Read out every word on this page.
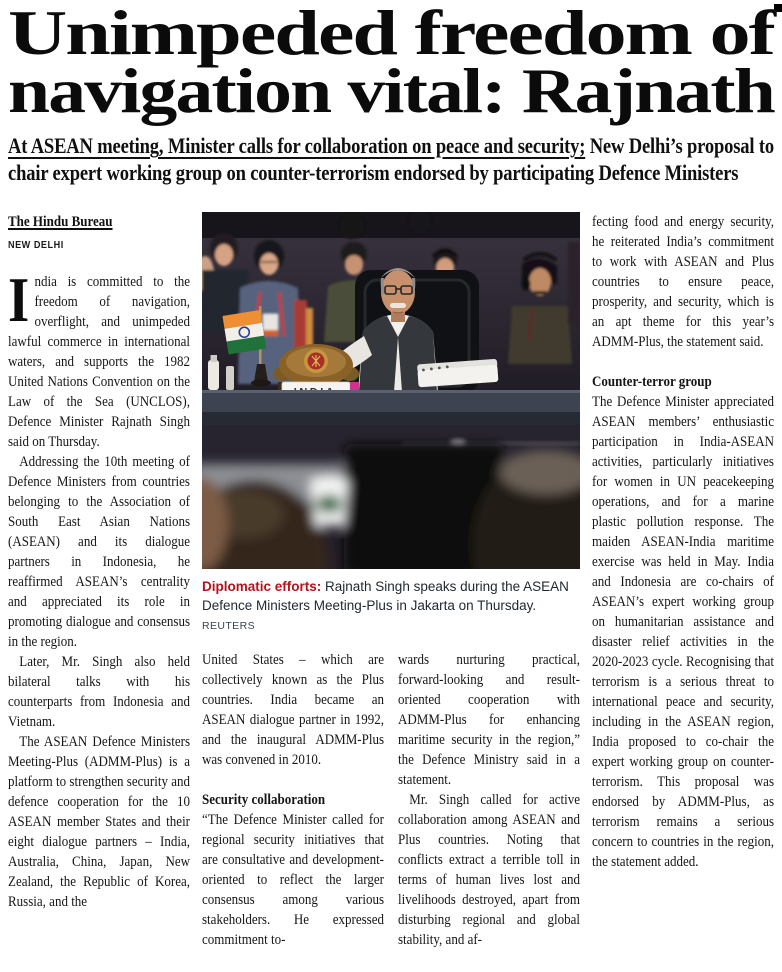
Unimpeded freedom of
navigation vital: Rajnath
At ASEAN meeting, Minister calls for collaboration on peace and security; New Delhi’s proposal to
chair expert working group on counter-terrorism endorsed by participating Defence Ministers
The Hindu Bureau
NEW DELHI

India is committed to the freedom of navigation, overflight, and unimpeded lawful commerce in international waters, and supports the 1982 United Nations Convention on the Law of the Sea (UNCLOS), Defence Minister Rajnath Singh said on Thursday.

Addressing the 10th meeting of Defence Ministers from countries belonging to the Association of South East Asian Nations (ASEAN) and its dialogue partners in Indonesia, he reaffirmed ASEAN’s centrality and appreciated its role in promoting dialogue and consensus in the region.

Later, Mr. Singh also held bilateral talks with his counterparts from Indonesia and Vietnam.

The ASEAN Defence Ministers Meeting-Plus (ADMM-Plus) is a platform to strengthen security and defence cooperation for the 10 ASEAN member States and their eight dialogue partners – India, Australia, China, Japan, New Zealand, the Republic of Korea, Russia, and the

Diplomatic efforts: Rajnath Singh speaks during the ASEAN Defence Ministers Meeting-Plus in Jakarta on Thursday. REUTERS

United States – which are collectively known as the Plus countries. India became an ASEAN dialogue partner in 1992, and the inaugural ADMM-Plus was convened in 2010.

Security collaboration

“The Defence Minister called for regional security initiatives that are consultative and development-oriented to reflect the larger consensus among various stakeholders. He expressed commitment to-

wards nurturing practical, forward-looking and result-oriented cooperation with ADMM-Plus for enhancing maritime security in the region,” the Defence Ministry said in a statement.

Mr. Singh called for active collaboration among ASEAN and Plus countries. Noting that conflicts extract a terrible toll in terms of human lives lost and livelihoods destroyed, apart from disturbing regional and global stability, and af-

fecting food and energy security, he reiterated India’s commitment to work with ASEAN and Plus countries to ensure peace, prosperity, and security, which is an apt theme for this year’s ADMM-Plus, the statement said.

Counter-terror group

The Defence Minister appreciated ASEAN members’ enthusiastic participation in India-ASEAN activities, particularly initiatives for women in UN peacekeeping operations, and for a marine plastic pollution response. The maiden ASEAN-India maritime exercise was held in May. India and Indonesia are co-chairs of ASEAN’s expert working group on humanitarian assistance and disaster relief activities in the 2020-2023 cycle. Recognising that terrorism is a serious threat to international peace and security, including in the ASEAN region, India proposed to co-chair the expert working group on counter-terrorism. This proposal was endorsed by ADMM-Plus, as terrorism remains a serious concern to countries in the region, the statement added.
